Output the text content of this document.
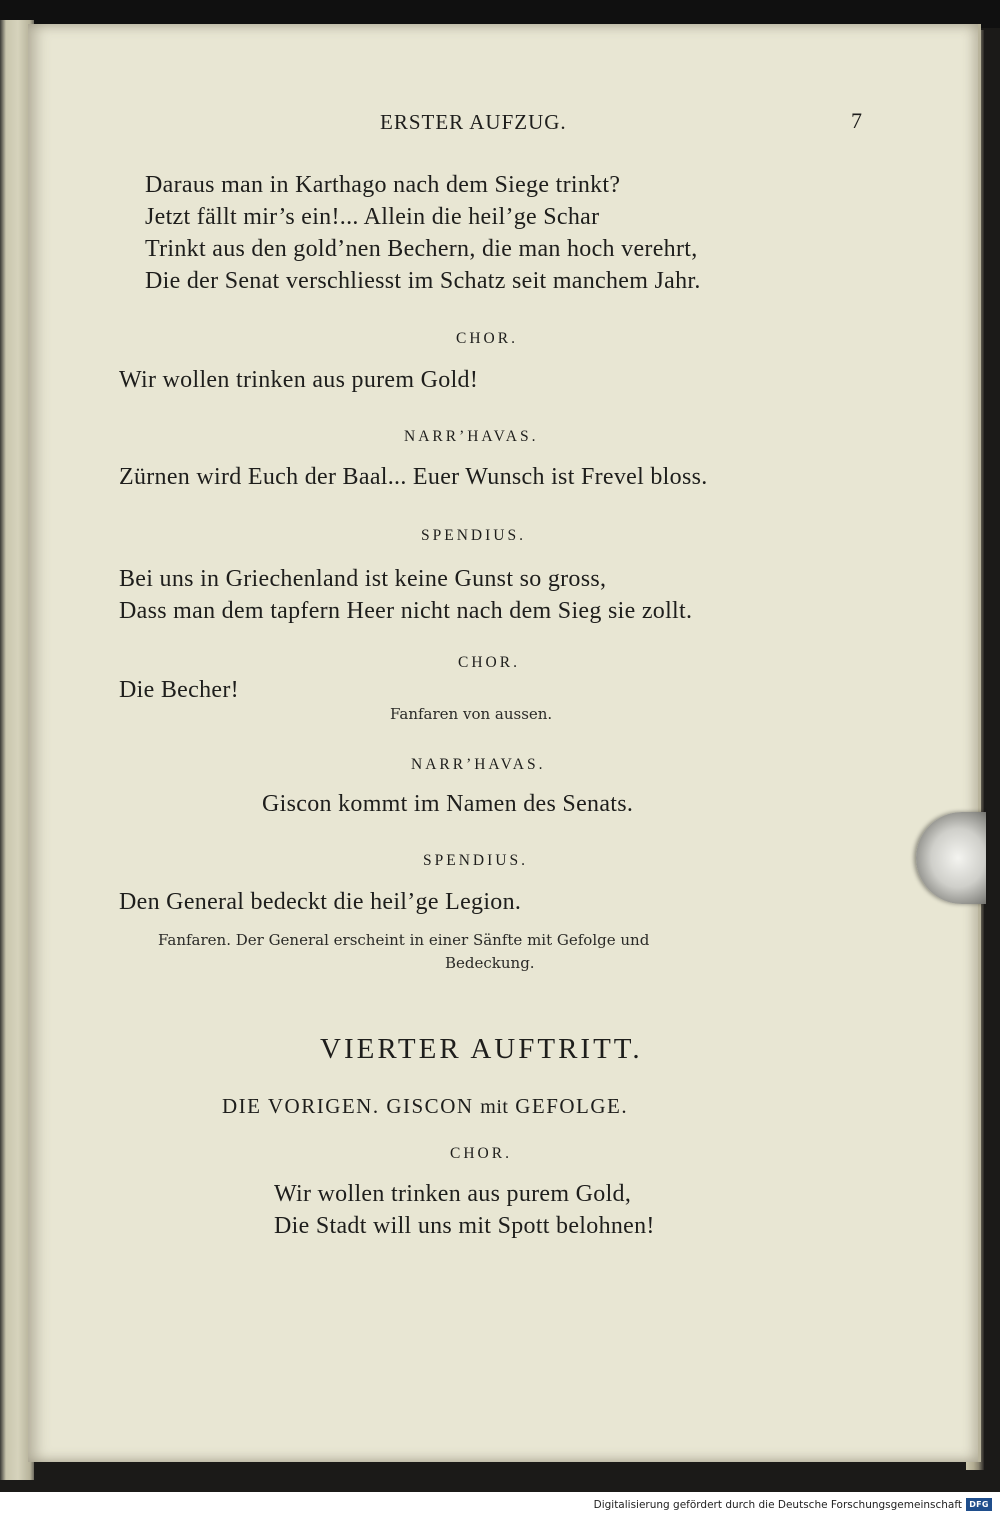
ERSTER AUFZUG.	7
Daraus man in Karthago nach dem Siege trinkt?
Jetzt fällt mir’s ein!... Allein die heil’ge Schar
Trinkt aus den gold’nen Bechern, die man hoch verehrt,
Die der Senat verschliesst im Schatz seit manchem Jahr.
CHOR.
Wir wollen trinken aus purem Gold!
NARR’HAVAS.
Zürnen wird Euch der Baal... Euer Wunsch ist Frevel bloss.
SPENDIUS.
Bei uns in Griechenland ist keine Gunst so gross,
Dass man dem tapfern Heer nicht nach dem Sieg sie zollt.
CHOR.
Die Becher!
Fanfaren von aussen.
NARR’HAVAS.
Giscon kommt im Namen des Senats.
SPENDIUS.
Den General bedeckt die heil’ge Legion.
Fanfaren. Der General erscheint in einer Sänfte mit Gefolge und
Bedeckung.
VIERTER AUFTRITT.
DIE VORIGEN. GISCON mit GEFOLGE.
CHOR.
Wir wollen trinken aus purem Gold,
Die Stadt will uns mit Spott belohnen!
Digitalisierung gefördert durch die Deutsche Forschungsgemeinschaft DFG
